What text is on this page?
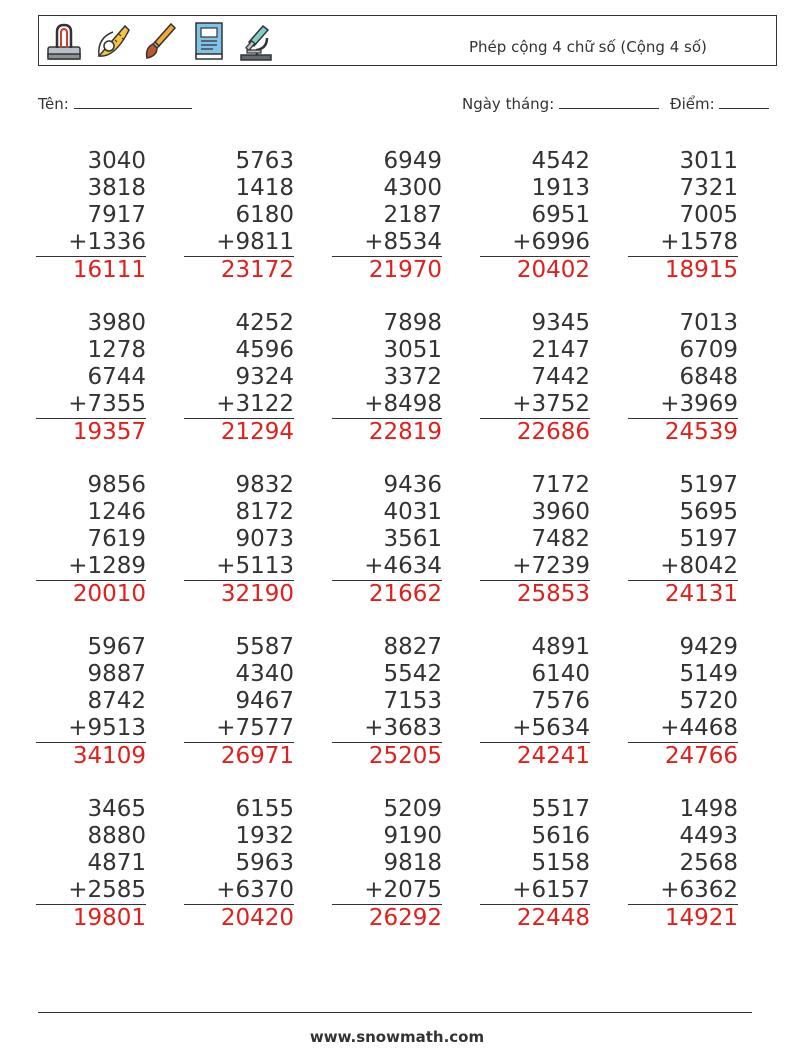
Phép cộng 4 chữ số (Cộng 4 số)
Tên:	Ngày tháng:	Điểm:
3040
3818
7917
+1336
16111
5763
1418
6180
+9811
23172
6949
4300
2187
+8534
21970
4542
1913
6951
+6996
20402
3011
7321
7005
+1578
18915
3980
1278
6744
+7355
19357
4252
4596
9324
+3122
21294
7898
3051
3372
+8498
22819
9345
2147
7442
+3752
22686
7013
6709
6848
+3969
24539
9856
1246
7619
+1289
20010
9832
8172
9073
+5113
32190
9436
4031
3561
+4634
21662
7172
3960
7482
+7239
25853
5197
5695
5197
+8042
24131
5967
9887
8742
+9513
34109
5587
4340
9467
+7577
26971
8827
5542
7153
+3683
25205
4891
6140
7576
+5634
24241
9429
5149
5720
+4468
24766
3465
8880
4871
+2585
19801
6155
1932
5963
+6370
20420
5209
9190
9818
+2075
26292
5517
5616
5158
+6157
22448
1498
4493
2568
+6362
14921
www.snowmath.com
